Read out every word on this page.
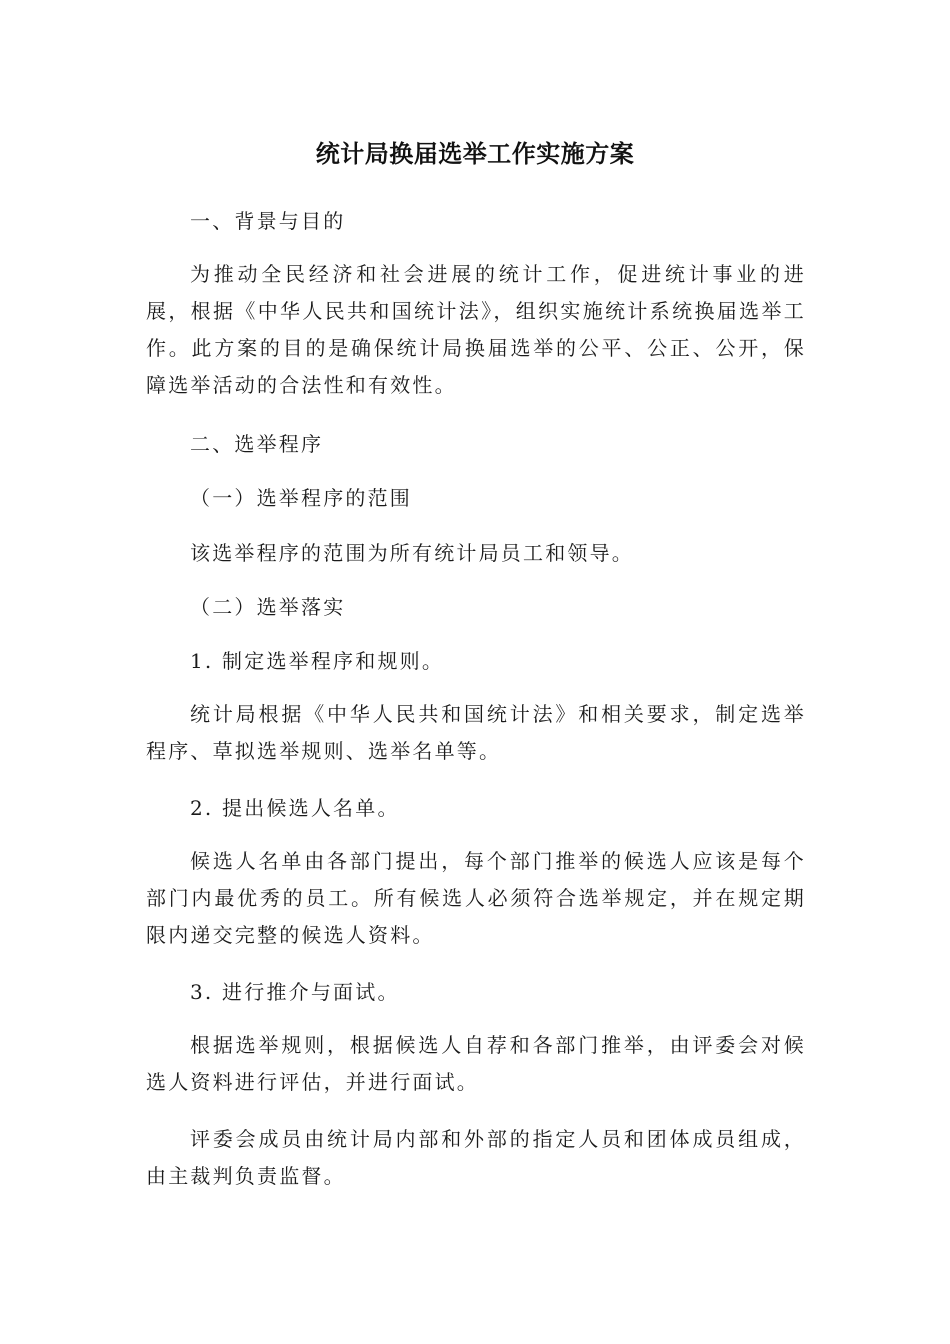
统计局换届选举工作实施方案

一、背景与目的

为推动全民经济和社会进展的统计工作，促进统计事业的进展，根据《中华人民共和国统计法》，组织实施统计系统换届选举工作。此方案的目的是确保统计局换届选举的公平、公正、公开，保障选举活动的合法性和有效性。

二、选举程序

（一）选举程序的范围

该选举程序的范围为所有统计局员工和领导。

（二）选举落实

1. 制定选举程序和规则。

统计局根据《中华人民共和国统计法》和相关要求，制定选举程序、草拟选举规则、选举名单等。

2. 提出候选人名单。

候选人名单由各部门提出，每个部门推举的候选人应该是每个部门内最优秀的员工。所有候选人必须符合选举规定，并在规定期限内递交完整的候选人资料。

3. 进行推介与面试。

根据选举规则，根据候选人自荐和各部门推举，由评委会对候选人资料进行评估，并进行面试。

评委会成员由统计局内部和外部的指定人员和团体成员组成，由主裁判负责监督。
